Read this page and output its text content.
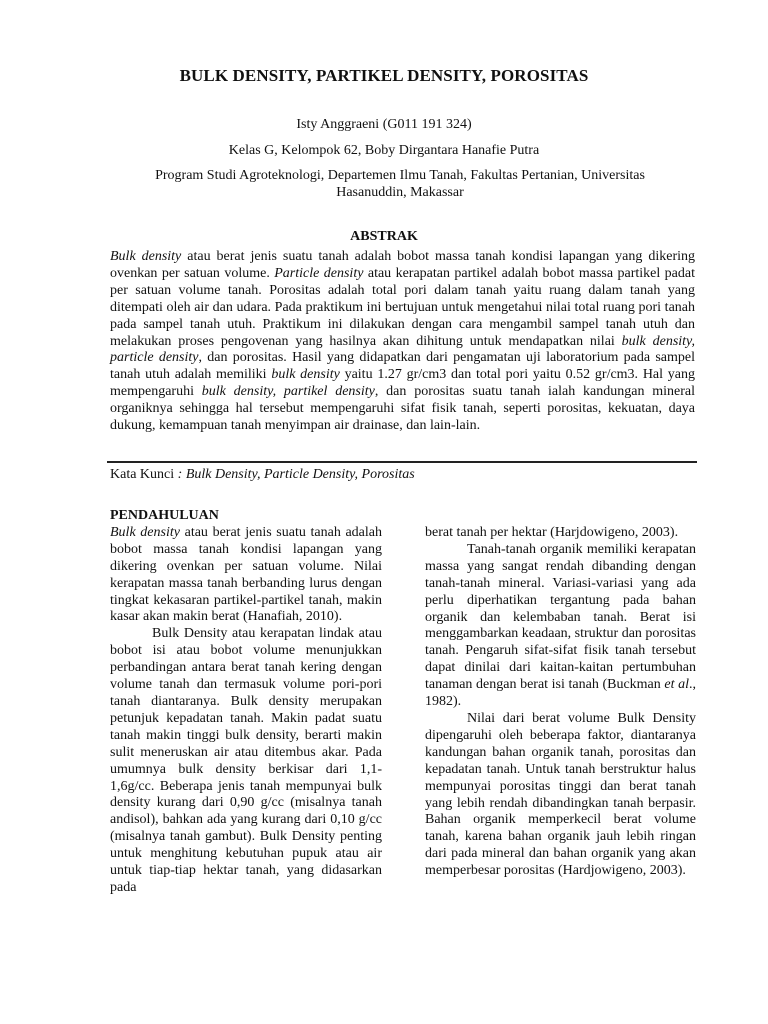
BULK DENSITY, PARTIKEL DENSITY, POROSITAS
Isty Anggraeni (G011 191 324)
Kelas G, Kelompok 62, Boby Dirgantara Hanafie Putra
Program Studi Agroteknologi, Departemen Ilmu Tanah, Fakultas Pertanian, Universitas Hasanuddin, Makassar
ABSTRAK

Bulk density atau berat jenis suatu tanah adalah bobot massa tanah kondisi lapangan yang dikering ovenkan per satuan volume. Particle density atau kerapatan partikel adalah bobot massa partikel padat per satuan volume tanah. Porositas adalah total pori dalam tanah yaitu ruang dalam tanah yang ditempati oleh air dan udara. Pada praktikum ini bertujuan untuk mengetahui nilai total ruang pori tanah pada sampel tanah utuh. Praktikum ini dilakukan dengan cara mengambil sampel tanah utuh dan melakukan proses pengovenan yang hasilnya akan dihitung untuk mendapatkan nilai bulk density, particle density, dan porositas. Hasil yang didapatkan dari pengamatan uji laboratorium pada sampel tanah utuh adalah memiliki bulk density yaitu 1.27 gr/cm3 dan total pori yaitu 0.52 gr/cm3. Hal yang mempengaruhi bulk density, partikel density, dan porositas suatu tanah ialah kandungan mineral organiknya sehingga hal tersebut mempengaruhi sifat fisik tanah, seperti porositas, kekuatan, daya dukung, kemampuan tanah menyimpan air drainase, dan lain-lain.

Kata Kunci : Bulk Density, Particle Density, Porositas

PENDAHULUAN

Bulk density atau berat jenis suatu tanah adalah bobot massa tanah kondisi lapangan yang dikering ovenkan per satuan volume. Nilai kerapatan massa tanah berbanding lurus dengan tingkat kekasaran partikel-partikel tanah, makin kasar akan makin berat (Hanafiah, 2010).

Bulk Density atau kerapatan lindak atau bobot isi atau bobot volume menunjukkan perbandingan antara berat tanah kering dengan volume tanah dan termasuk volume pori-pori tanah diantaranya. Bulk density merupakan petunjuk kepadatan tanah. Makin padat suatu tanah makin tinggi bulk density, berarti makin sulit meneruskan air atau ditembus akar. Pada umumnya bulk density berkisar dari 1,1-1,6g/cc. Beberapa jenis tanah mempunyai bulk density kurang dari 0,90 g/cc (misalnya tanah andisol), bahkan ada yang kurang dari 0,10 g/cc (misalnya tanah gambut). Bulk Density penting untuk menghitung kebutuhan pupuk atau air untuk tiap-tiap hektar tanah, yang didasarkan pada

berat tanah per hektar (Harjdowigeno, 2003).

Tanah-tanah organik memiliki kerapatan massa yang sangat rendah dibanding dengan tanah-tanah mineral. Variasi-variasi yang ada perlu diperhatikan tergantung pada bahan organik dan kelembaban tanah. Berat isi menggambarkan keadaan, struktur dan porositas tanah. Pengaruh sifat-sifat fisik tanah tersebut dapat dinilai dari kaitan-kaitan pertumbuhan tanaman dengan berat isi tanah (Buckman et al., 1982).

Nilai dari berat volume Bulk Density dipengaruhi oleh beberapa faktor, diantaranya kandungan bahan organik tanah, porositas dan kepadatan tanah. Untuk tanah berstruktur halus mempunyai porositas tinggi dan berat tanah yang lebih rendah dibandingkan tanah berpasir. Bahan organik memperkecil berat volume tanah, karena bahan organik jauh lebih ringan dari pada mineral dan bahan organik yang akan memperbesar porositas (Hardjowigeno, 2003).
